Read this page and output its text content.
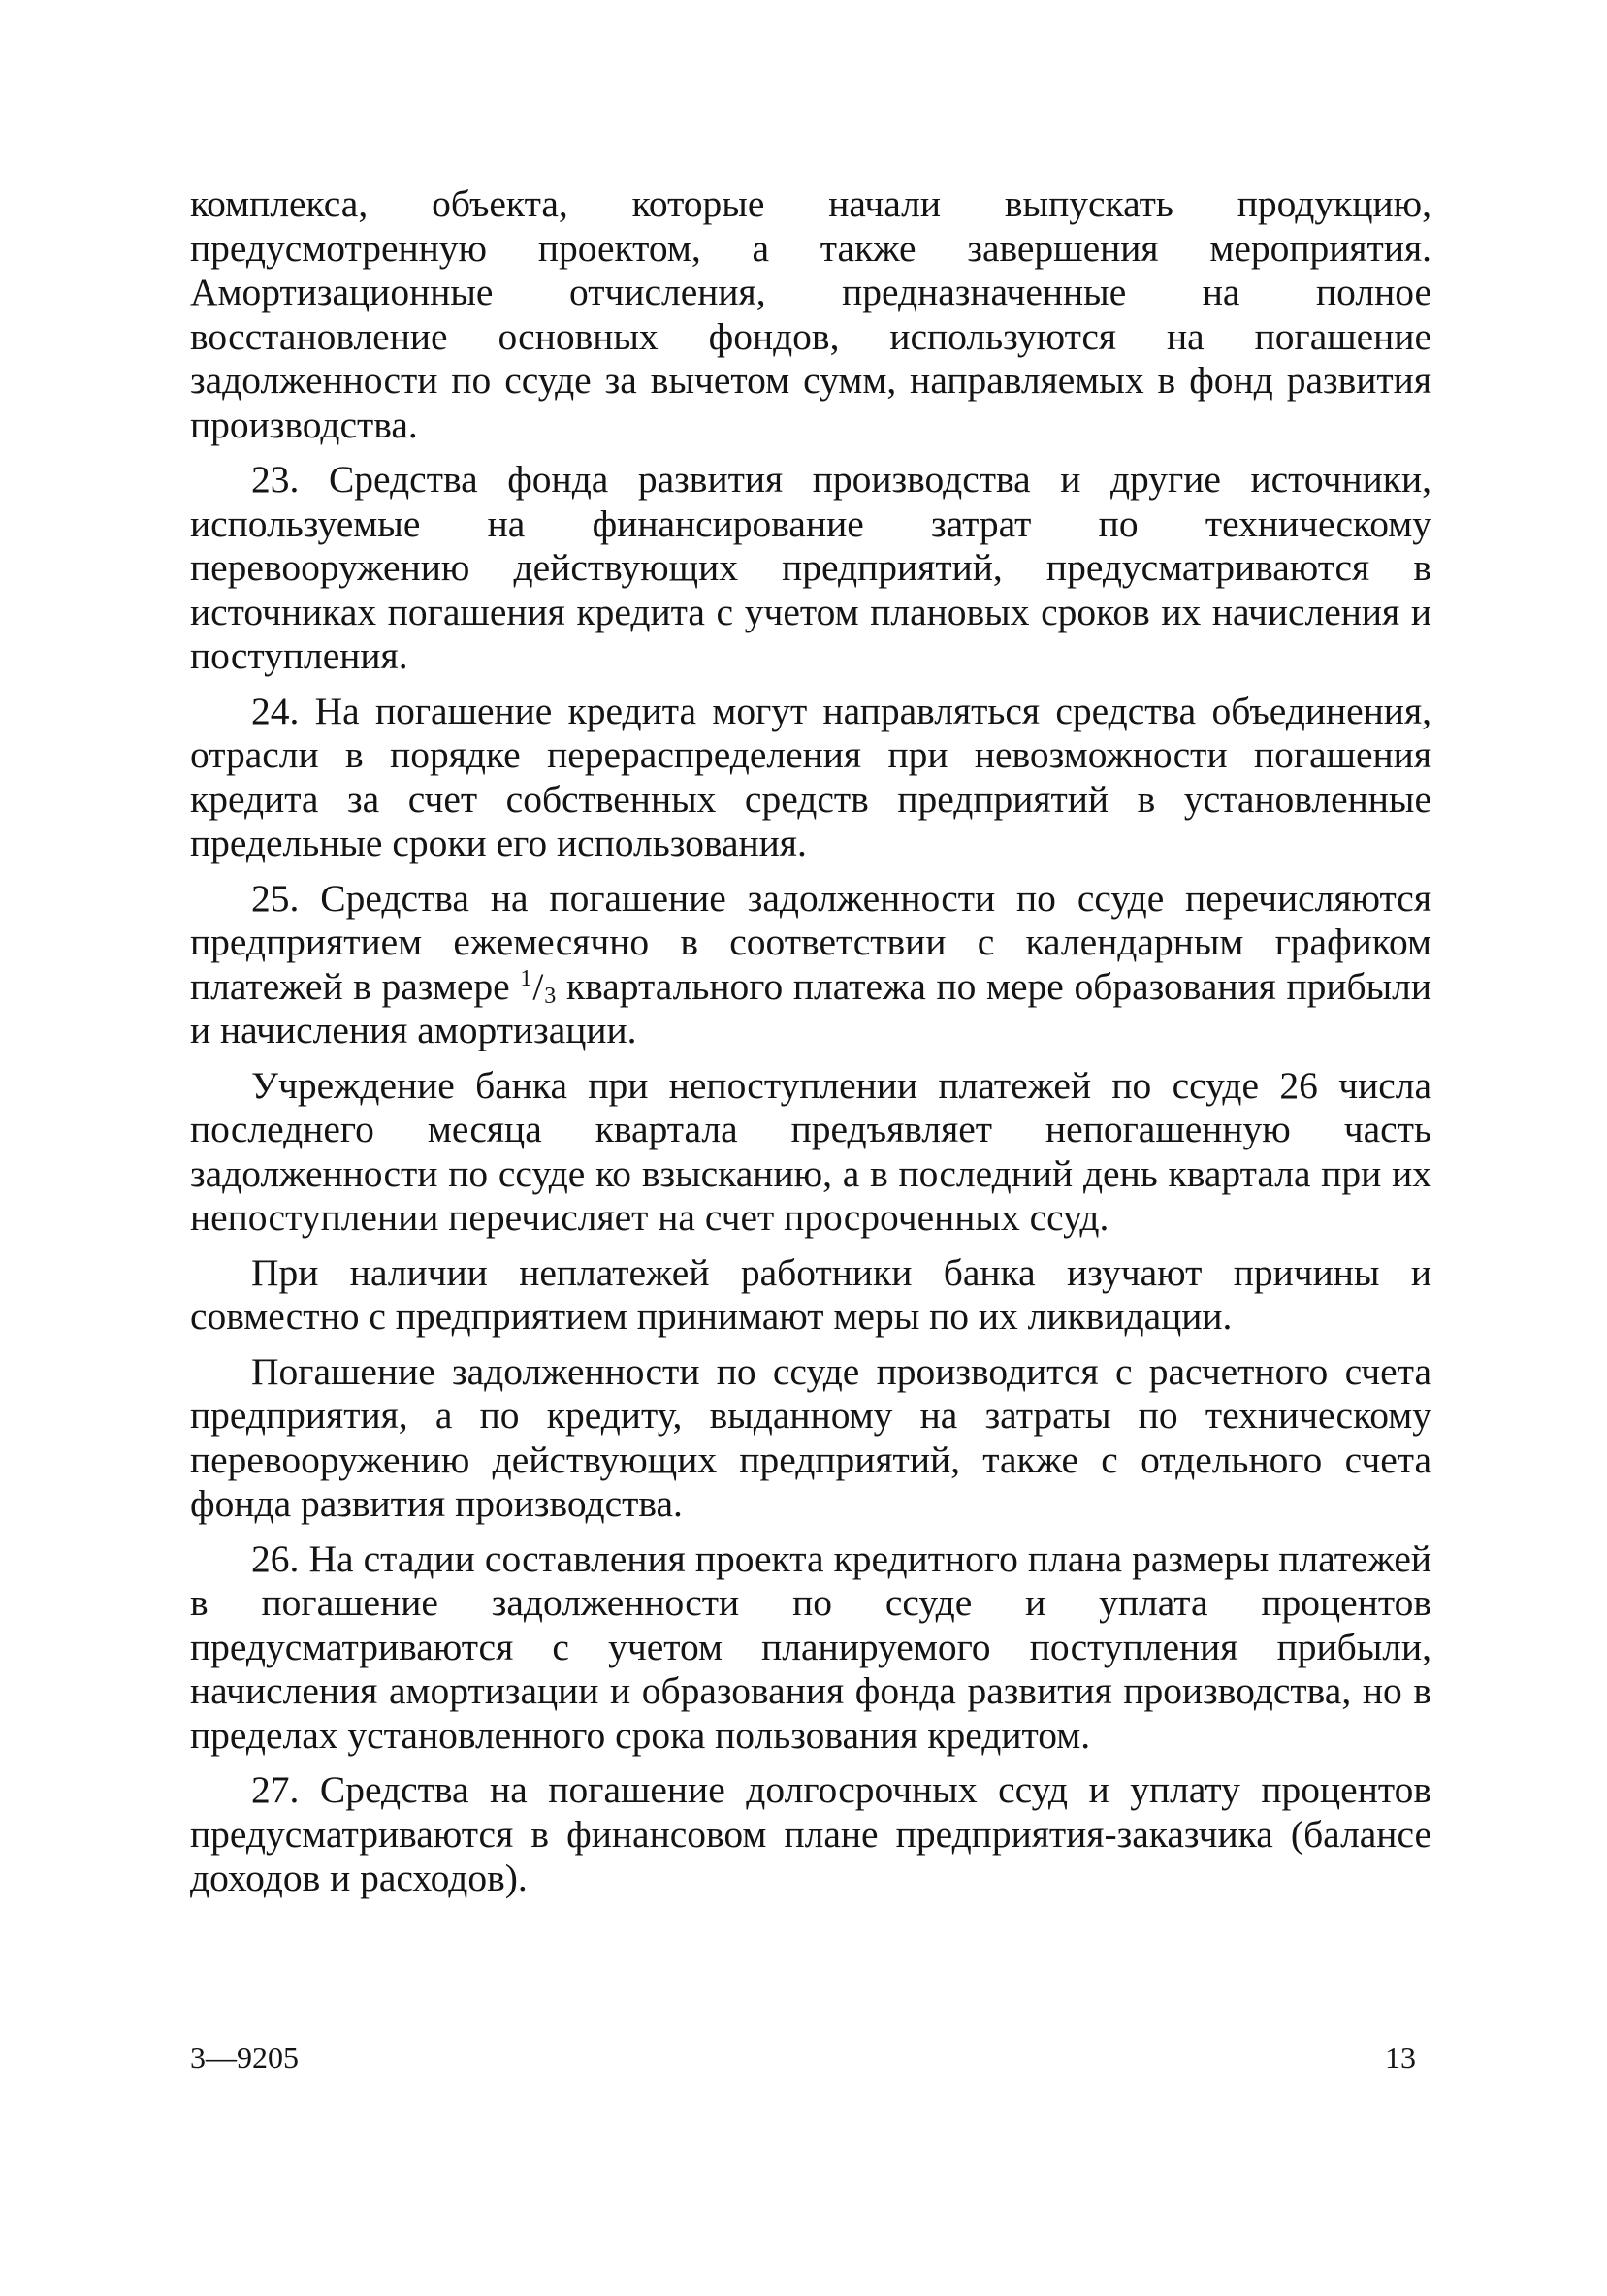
комплекса, объекта, которые начали выпускать продукцию, предусмотренную проектом, а также завершения мероприятия. Амортизационные отчисления, предназначенные на полное восстановление основных фондов, используются на погашение задолженности по ссуде за вычетом сумм, направляемых в фонд развития производства.

23. Средства фонда развития производства и другие источники, используемые на финансирование затрат по техническому перевооружению действующих предприятий, предусматриваются в источниках погашения кредита с учетом плановых сроков их начисления и поступления.

24. На погашение кредита могут направляться средства объединения, отрасли в порядке перераспределения при невозможности погашения кредита за счет собственных средств предприятий в установленные предельные сроки его использования.

25. Средства на погашение задолженности по ссуде перечисляются предприятием ежемесячно в соответствии с календарным графиком платежей в размере $^1/_3$ квартального платежа по мере образования прибыли и начисления амортизации.

Учреждение банка при непоступлении платежей по ссуде 26 числа последнего месяца квартала предъявляет непогашенную часть задолженности по ссуде ко взысканию, а в последний день квартала при их непоступлении перечисляет на счет просроченных ссуд.

При наличии неплатежей работники банка изучают причины и совместно с предприятием принимают меры по их ликвидации.

Погашение задолженности по ссуде производится с расчетного счета предприятия, а по кредиту, выданному на затраты по техническому перевооружению действующих предприятий, также с отдельного счета фонда развития производства.

26. На стадии составления проекта кредитного плана размеры платежей в погашение задолженности по ссуде и уплата процентов предусматриваются с учетом планируемого поступления прибыли, начисления амортизации и образования фонда развития производства, но в пределах установленного срока пользования кредитом.

27. Средства на погашение долгосрочных ссуд и уплату процентов предусматриваются в финансовом плане предприятия-заказчика (балансе доходов и расходов).

3—9205	13
